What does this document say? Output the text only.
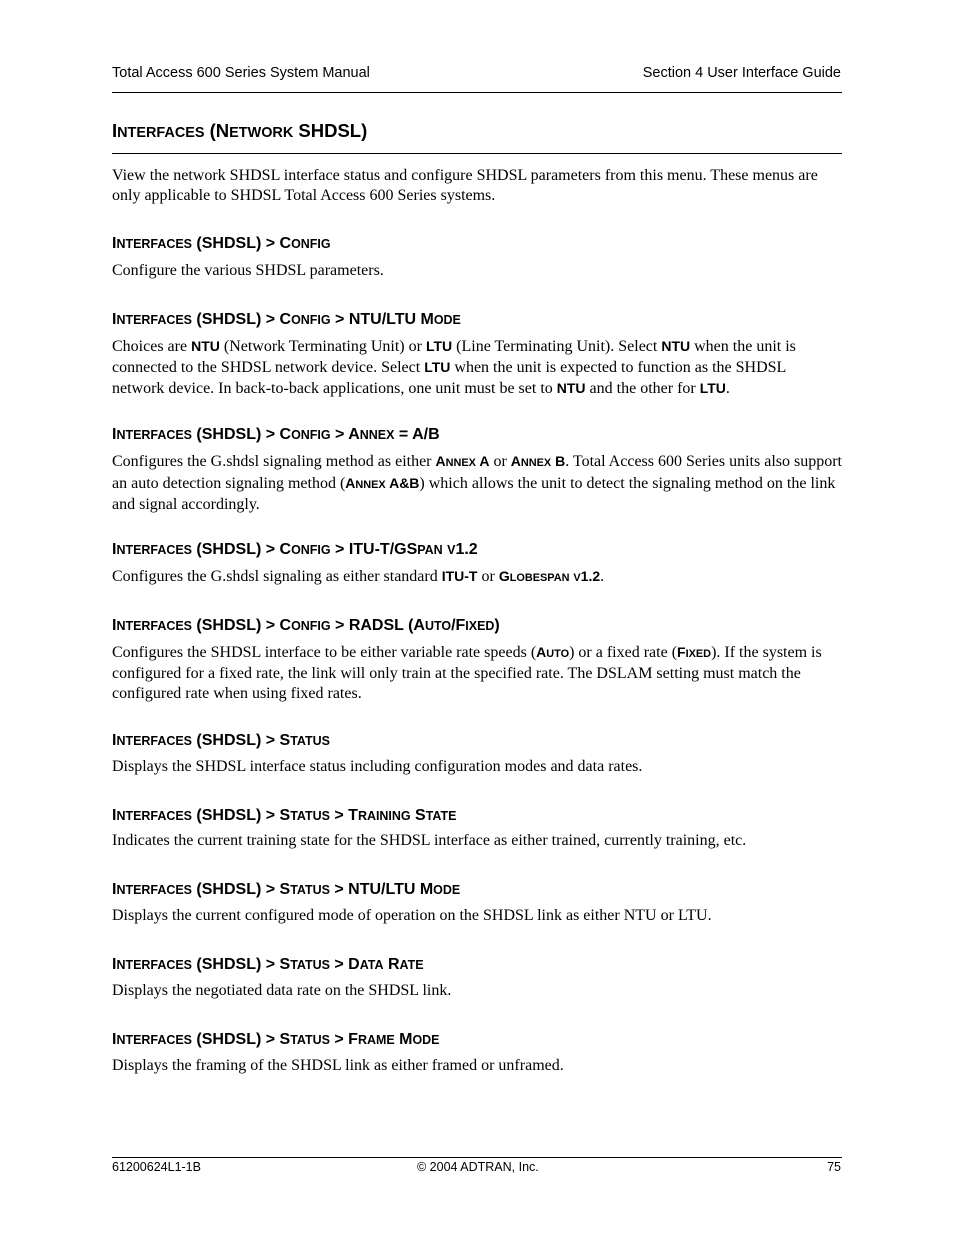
Total Access 600 Series System Manual	Section 4 User Interface Guide
INTERFACES (NETWORK SHDSL)
View the network SHDSL interface status and configure SHDSL parameters from this menu. These menus are only applicable to SHDSL Total Access 600 Series systems.
INTERFACES (SHDSL) > CONFIG
Configure the various SHDSL parameters.
INTERFACES (SHDSL) > CONFIG > NTU/LTU MODE
Choices are NTU (Network Terminating Unit) or LTU (Line Terminating Unit). Select NTU when the unit is connected to the SHDSL network device. Select LTU when the unit is expected to function as the SHDSL network device. In back-to-back applications, one unit must be set to NTU and the other for LTU.
INTERFACES (SHDSL) > CONFIG > ANNEX = A/B
Configures the G.shdsl signaling method as either ANNEX A or ANNEX B. Total Access 600 Series units also support an auto detection signaling method (ANNEX A&B) which allows the unit to detect the signaling method on the link and signal accordingly.
INTERFACES (SHDSL) > CONFIG > ITU-T/GSPAN V1.2
Configures the G.shdsl signaling as either standard ITU-T or GLOBESPAN V1.2.
INTERFACES (SHDSL) > CONFIG > RADSL (AUTO/FIXED)
Configures the SHDSL interface to be either variable rate speeds (AUTO) or a fixed rate (FIXED). If the system is configured for a fixed rate, the link will only train at the specified rate. The DSLAM setting must match the configured rate when using fixed rates.
INTERFACES (SHDSL) > STATUS
Displays the SHDSL interface status including configuration modes and data rates.
INTERFACES (SHDSL) > STATUS > TRAINING STATE
Indicates the current training state for the SHDSL interface as either trained, currently training, etc.
INTERFACES (SHDSL) > STATUS > NTU/LTU MODE
Displays the current configured mode of operation on the SHDSL link as either NTU or LTU.
INTERFACES (SHDSL) > STATUS > DATA RATE
Displays the negotiated data rate on the SHDSL link.
INTERFACES (SHDSL) > STATUS > FRAME MODE
Displays the framing of the SHDSL link as either framed or unframed.
61200624L1-1B	© 2004 ADTRAN, Inc.	75
